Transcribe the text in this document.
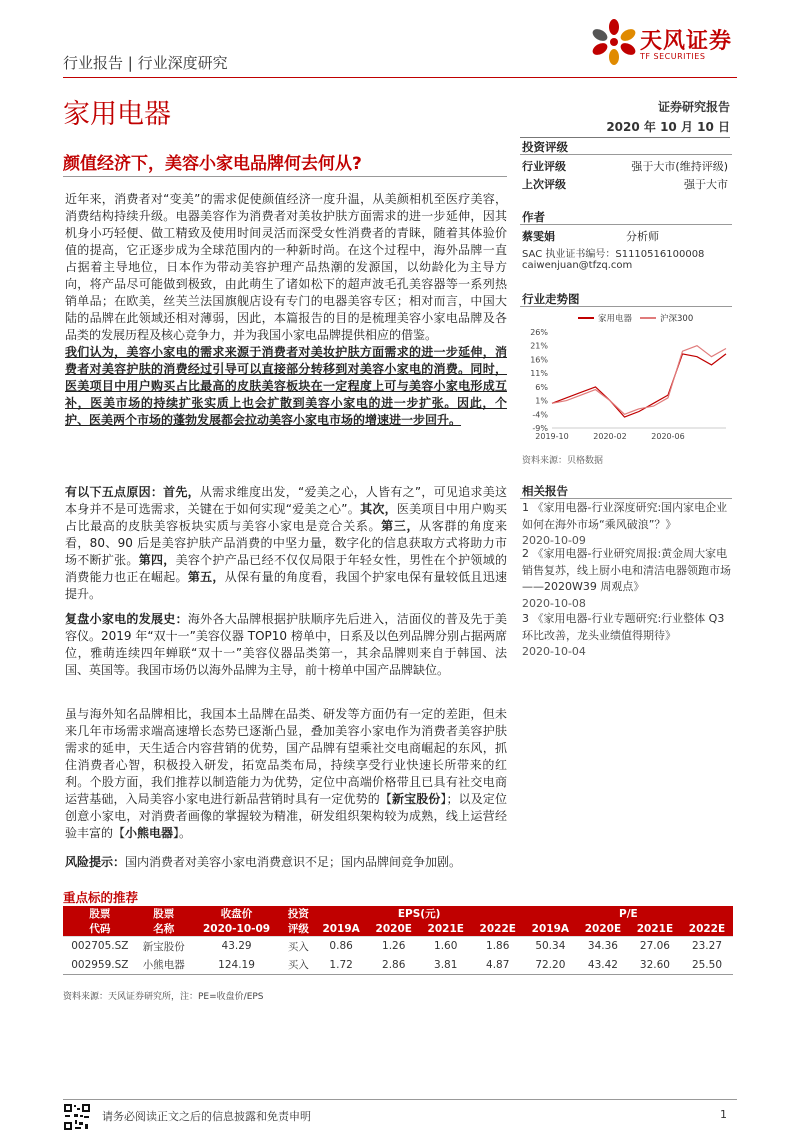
行业报告 | 行业深度研究
天风证券
TF SECURITIES
家用电器	证券研究报告
2020 年 10 月 10 日
颜值经济下，美容小家电品牌何去何从?
投资评级
行业评级	强于大市(维持评级)
上次评级	强于大市
作者
蔡雯娟	分析师
SAC 执业证书编号：S1110516100008
caiwenjuan@tfzq.com
行业走势图
26%
21%
16%
11%
6%
1%
-4%
-9%
2019-10	2020-02	2020-06
家用电器	沪深300
资料来源：贝格数据
相关报告
1 《家用电器-行业深度研究:国内家电企业如何在海外市场“乘风破浪”？》
2020-10-09
2 《家用电器-行业研究周报:黄金周大家电销售复苏，线上厨小电和清洁电器领跑市场——2020W39 周观点》
2020-10-08
3 《家用电器-行业专题研究:行业整体 Q3 环比改善，龙头业绩值得期待》
2020-10-04
近年来，消费者对“变美”的需求促使颜值经济一度升温，从美颜相机至医疗美容，消费结构持续升级。电器美容作为消费者对美妆护肤方面需求的进一步延伸，因其机身小巧轻便、做工精致及使用时间灵活而深受女性消费者的青睐，随着其体验价值的提高，它正逐步成为全球范围内的一种新时尚。在这个过程中，海外品牌一直占据着主导地位，日本作为带动美容护理产品热潮的发源国，以幼龄化为主导方向，将产品尽可能做到极致，由此萌生了诸如松下的超声波毛孔美容器等一系列热销单品；在欧美，丝芙兰法国旗舰店设有专门的电器美容专区；相对而言，中国大陆的品牌在此领域还相对薄弱，因此，本篇报告的目的是梳理美容小家电品牌及各品类的发展历程及核心竞争力，并为我国小家电品牌提供相应的借鉴。
我们认为，美容小家电的需求来源于消费者对美妆护肤方面需求的进一步延伸，消费者对美容护肤的消费经过引导可以直接部分转移到对美容小家电的消费。同时，医美项目中用户购买占比最高的皮肤美容板块在一定程度上可与美容小家电形成互补，医美市场的持续扩张实质上也会扩散到美容小家电的进一步扩张。因此，个护、医美两个市场的蓬勃发展都会拉动美容小家电市场的增速进一步回升。
有以下五点原因：首先，从需求维度出发，“爱美之心，人皆有之”，可见追求美这本身并不是可选需求，关键在于如何实现“爱美之心”。其次，医美项目中用户购买占比最高的皮肤美容板块实质与美容小家电是竞合关系。第三，从客群的角度来看，80、90 后是美容护肤产品消费的中坚力量，数字化的信息获取方式将助力市场不断扩张。第四，美容个护产品已经不仅仅局限于年轻女性，男性在个护领域的消费能力也正在崛起。第五，从保有量的角度看，我国个护家电保有量较低且迅速提升。
复盘小家电的发展史：海外各大品牌根据护肤顺序先后进入，洁面仪的普及先于美容仪。2019 年“双十一”美容仪器 TOP10 榜单中，日系及以色列品牌分别占据两席位，雅萌连续四年蝉联“双十一”美容仪器品类第一，其余品牌则来自于韩国、法国、英国等。我国市场仍以海外品牌为主导，前十榜单中国产品牌缺位。
虽与海外知名品牌相比，我国本土品牌在品类、研发等方面仍有一定的差距，但未来几年市场需求端高速增长态势已逐渐凸显，叠加美容小家电作为消费者美容护肤需求的延申，天生适合内容营销的优势，国产品牌有望乘社交电商崛起的东风，抓住消费者心智，积极投入研发，拓宽品类布局，持续享受行业快速长所带来的红利。个股方面，我们推荐以制造能力为优势，定位中高端价格带且已具有社交电商运营基础，入局美容小家电进行新品营销时具有一定优势的【新宝股份】；以及定位创意小家电，对消费者画像的掌握较为精准，研发组织架构较为成熟，线上运营经验丰富的【小熊电器】。
风险提示：国内消费者对美容小家电消费意识不足；国内品牌间竞争加剧。
重点标的推荐
股票	股票	收盘价	投资	EPS(元)				P/E			
代码	名称	2020-10-09	评级	2019A	2020E	2021E	2022E	2019A	2020E	2021E	2022E
002705.SZ	新宝股份	43.29	买入	0.86	1.26	1.60	1.86	50.34	34.36	27.06	23.27
002959.SZ	小熊电器	124.19	买入	1.72	2.86	3.81	4.87	72.20	43.42	32.60	25.50
资料来源：天风证券研究所，注：PE=收盘价/EPS
请务必阅读正文之后的信息披露和免责申明	1
